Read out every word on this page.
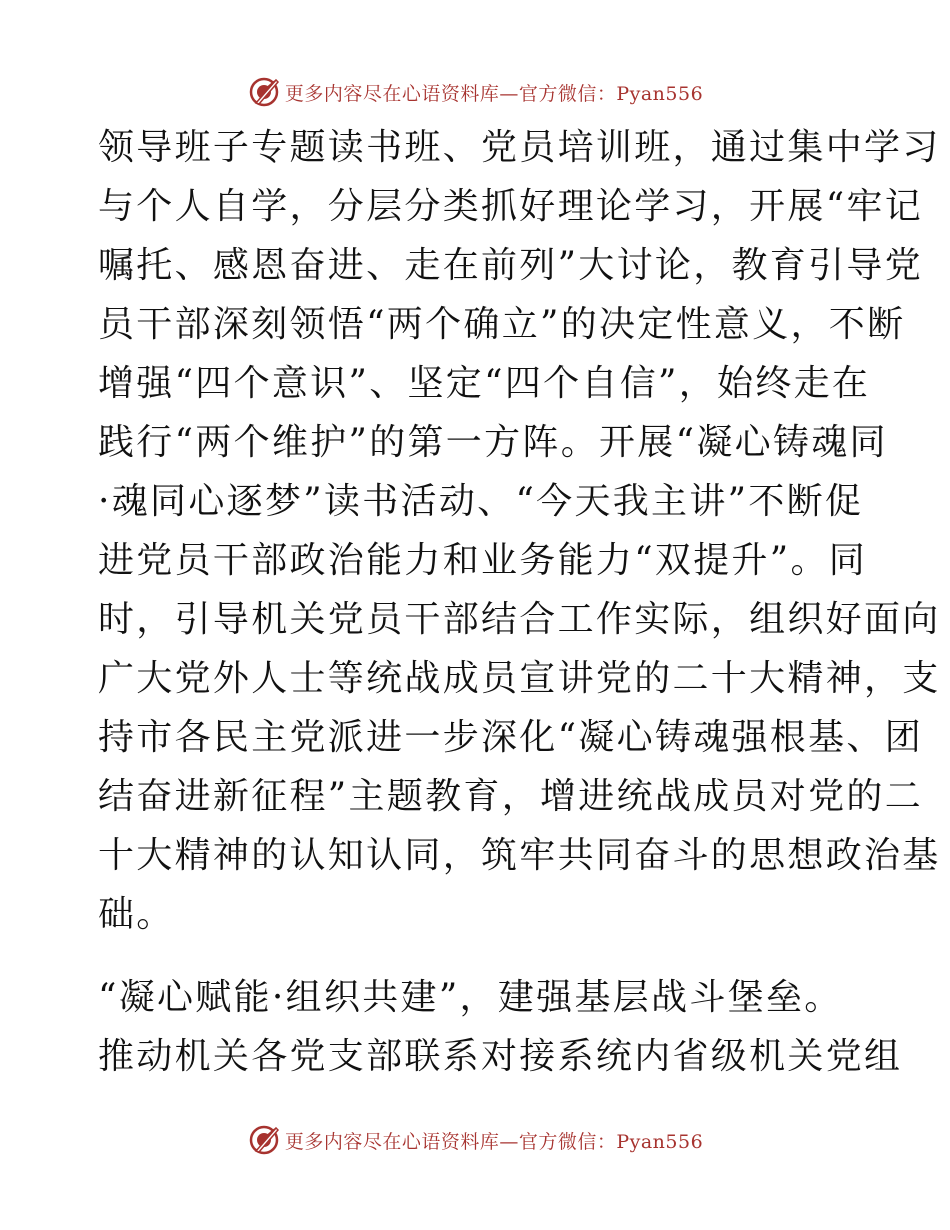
更多内容尽在心语资料库—官方微信：Pyan556
领导班子专题读书班、党员培训班，通过集中学习
与个人自学，分层分类抓好理论学习，开展“牢记
嘱托、感恩奋进、走在前列”大讨论，教育引导党
员干部深刻领悟“两个确立”的决定性意义，不断
增强“四个意识”、坚定“四个自信”，始终走在
践行“两个维护”的第一方阵。开展“凝心铸魂同
·魂同心逐梦”读书活动、“今天我主讲”不断促
进党员干部政治能力和业务能力“双提升”。同
时，引导机关党员干部结合工作实际，组织好面向
广大党外人士等统战成员宣讲党的二十大精神，支
持市各民主党派进一步深化“凝心铸魂强根基、团
结奋进新征程”主题教育，增进统战成员对党的二
十大精神的认知认同，筑牢共同奋斗的思想政治基
础。
“凝心赋能·组织共建”，建强基层战斗堡垒。
推动机关各党支部联系对接系统内省级机关党组
更多内容尽在心语资料库—官方微信：Pyan556
